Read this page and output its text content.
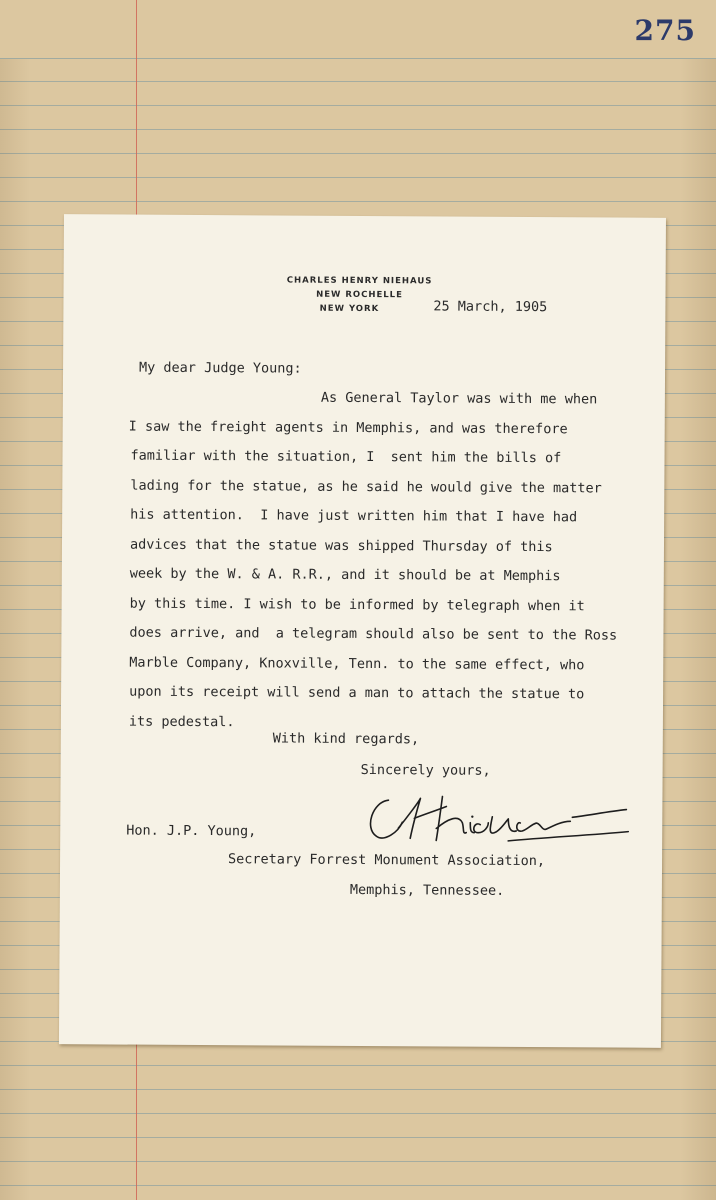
275
CHARLES HENRY NIEHAUS
NEW ROCHELLE
NEW YORK	25 March, 1905
My dear Judge Young:
As General Taylor was with me when
I saw the freight agents in Memphis, and was therefore
familiar with the situation, I  sent him the bills of
lading for the statue, as he said he would give the matter
his attention.  I have just written him that I have had
advices that the statue was shipped Thursday of this
week by the W. & A. R.R., and it should be at Memphis
by this time. I wish to be informed by telegraph when it
does arrive, and  a telegram should also be sent to the Ross
Marble Company, Knoxville, Tenn. to the same effect, who
upon its receipt will send a man to attach the statue to
its pedestal.
With kind regards,
Sincerely yours,
Hon. J.P. Young,
Secretary Forrest Monument Association,
Memphis, Tennessee.
